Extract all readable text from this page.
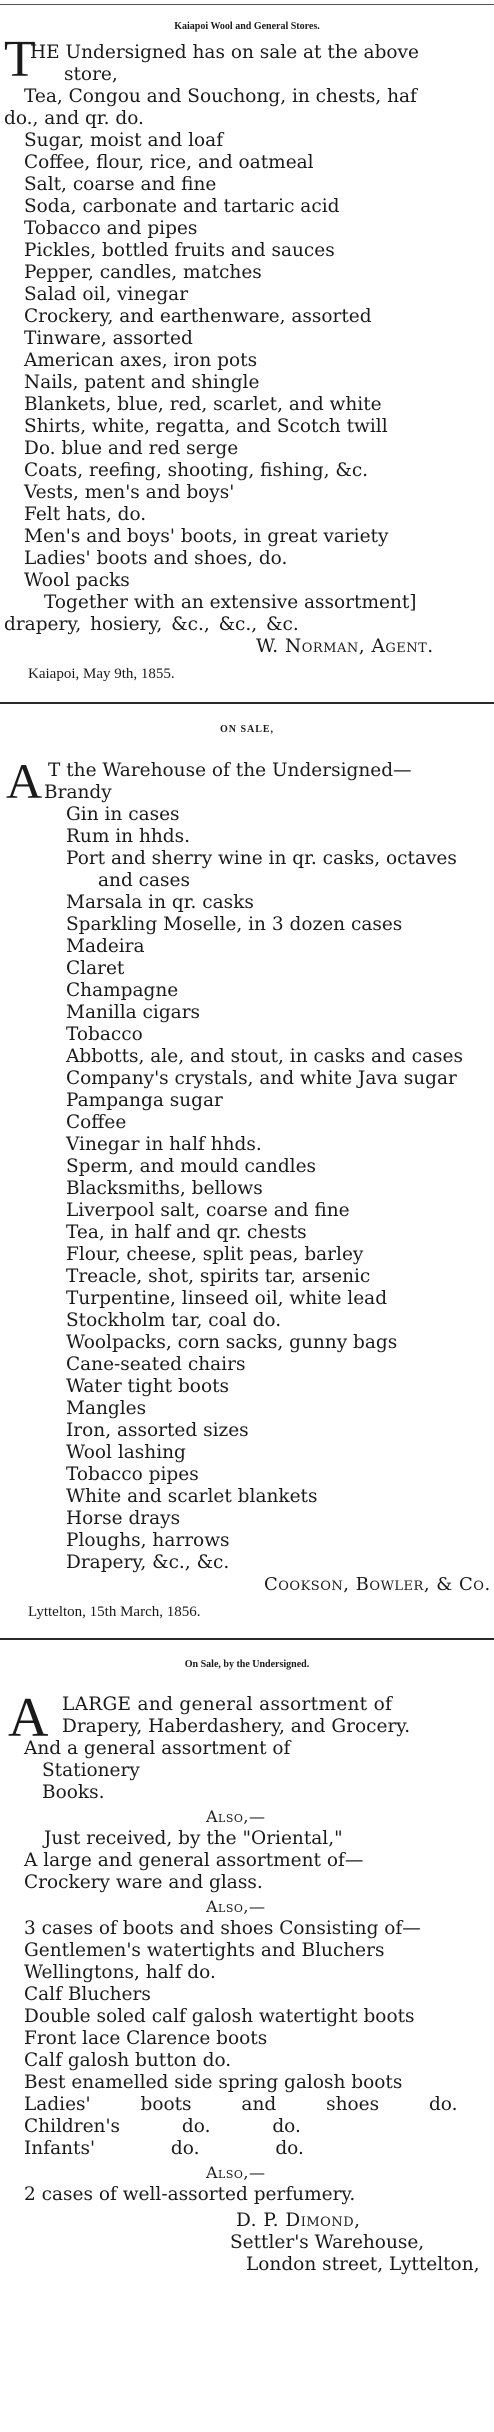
Kaiapoi Wool and General Stores.
T
HE Undersigned has on sale at the above
store,
Tea, Congou and Souchong, in chests, haf
do., and qr. do.
Sugar, moist and loaf
Coffee, flour, rice, and oatmeal
Salt, coarse and fine
Soda, carbonate and tartaric acid
Tobacco and pipes
Pickles, bottled fruits and sauces
Pepper, candles, matches
Salad oil, vinegar
Crockery, and earthenware, assorted
Tinware, assorted
American axes, iron pots
Nails, patent and shingle
Blankets, blue, red, scarlet, and white
Shirts, white, regatta, and Scotch twill
Do. blue and red serge
Coats, reefing, shooting, fishing, &c.
Vests, men's and boys'
Felt hats, do.
Men's and boys' boots, in great variety
Ladies' boots and shoes, do.
Wool packs
Together with an extensive assortment]
drapery, hosiery, &c., &c., &c.
W. Norman, Agent.
Kaiapoi, May 9th, 1855.
ON SALE,
A T the Warehouse of the Undersigned—
Brandy
Gin in cases
Rum in hhds.
Port and sherry wine in qr. casks, octaves
and cases
Marsala in qr. casks
Sparkling Moselle, in 3 dozen cases
Madeira
Claret
Champagne
Manilla cigars
Tobacco
Abbotts, ale, and stout, in casks and cases
Company's crystals, and white Java sugar
Pampanga sugar
Coffee
Vinegar in half hhds.
Sperm, and mould candles
Blacksmiths, bellows
Liverpool salt, coarse and fine
Tea, in half and qr. chests
Flour, cheese, split peas, barley
Treacle, shot, spirits tar, arsenic
Turpentine, linseed oil, white lead
Stockholm tar, coal do.
Woolpacks, corn sacks, gunny bags
Cane-seated chairs
Water tight boots
Mangles
Iron, assorted sizes
Wool lashing
Tobacco pipes
White and scarlet blankets
Horse drays
Ploughs, harrows
Drapery, &c., &c.
Cookson, Bowler, & Co.
Lyttelton, 15th March, 1856.
On Sale, by the Undersigned.
A LARGE and general assortment of
Drapery, Haberdashery, and Grocery.
And a general assortment of
Stationery
Books.
Also,—
Just received, by the "Oriental,"
A large and general assortment of—
Crockery ware and glass.
Also,—
3 cases of boots and shoes Consisting of—
Gentlemen's watertights and Bluchers
Wellingtons, half do.
Calf Bluchers
Double soled calf galosh watertight boots
Front lace Clarence boots
Calf galosh button do.
Best enamelled side spring galosh boots
Ladies' boots and shoes do.
Children's do. do.
Infants' do. do.
Also,—
2 cases of well-assorted perfumery.
D. P. Dimond,
Settler's Warehouse,
London street, Lyttelton,
